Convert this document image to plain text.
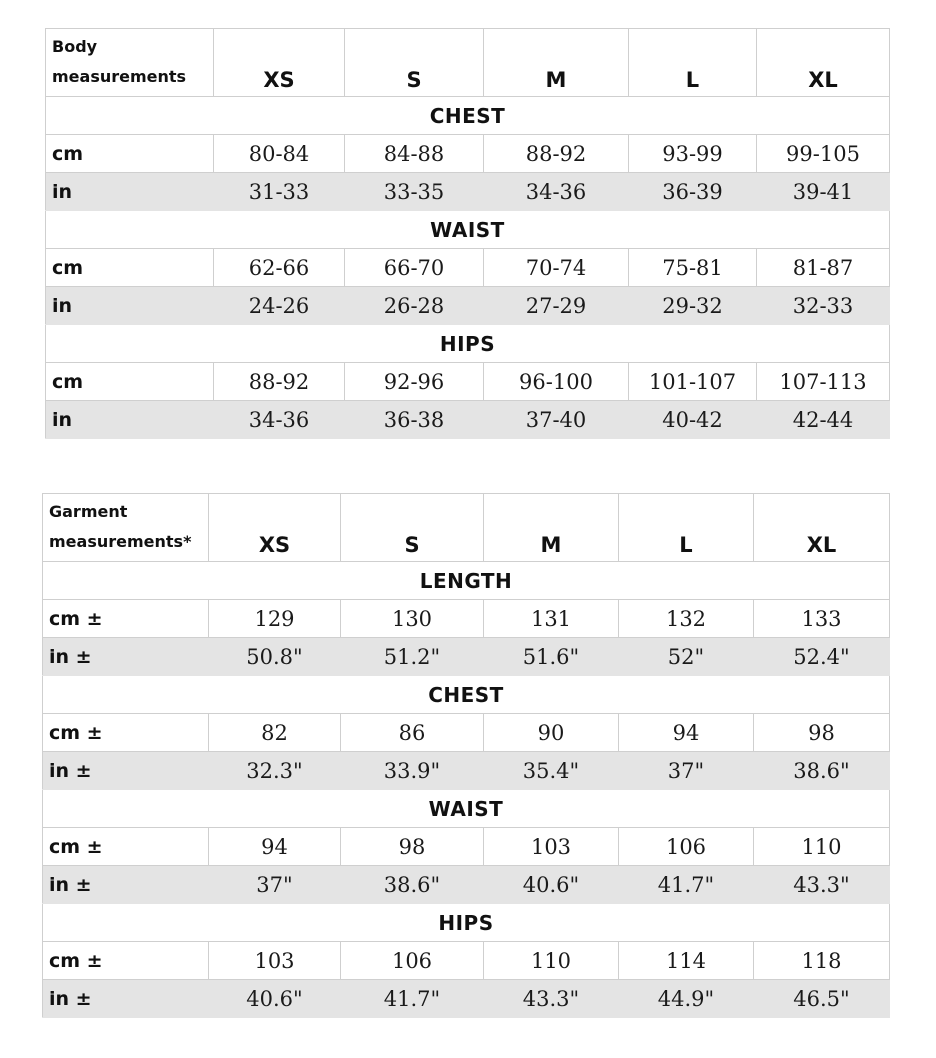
Body
measurements	XS	S	M	L	XL
CHEST					
cm	80-84	84-88	88-92	93-99	99-105
in	31-33	33-35	34-36	36-39	39-41
WAIST					
cm	62-66	66-70	70-74	75-81	81-87
in	24-26	26-28	27-29	29-32	32-33
HIPS					
cm	88-92	92-96	96-100	101-107	107-113
in	34-36	36-38	37-40	40-42	42-44
Garment
measurements*	XS	S	M	L	XL
LENGTH					
cm ±	129	130	131	132	133
in ±	50.8"	51.2"	51.6"	52"	52.4"
CHEST					
cm ±	82	86	90	94	98
in ±	32.3"	33.9"	35.4"	37"	38.6"
WAIST					
cm ±	94	98	103	106	110
in ±	37"	38.6"	40.6"	41.7"	43.3"
HIPS					
cm ±	103	106	110	114	118
in ±	40.6"	41.7"	43.3"	44.9"	46.5"
